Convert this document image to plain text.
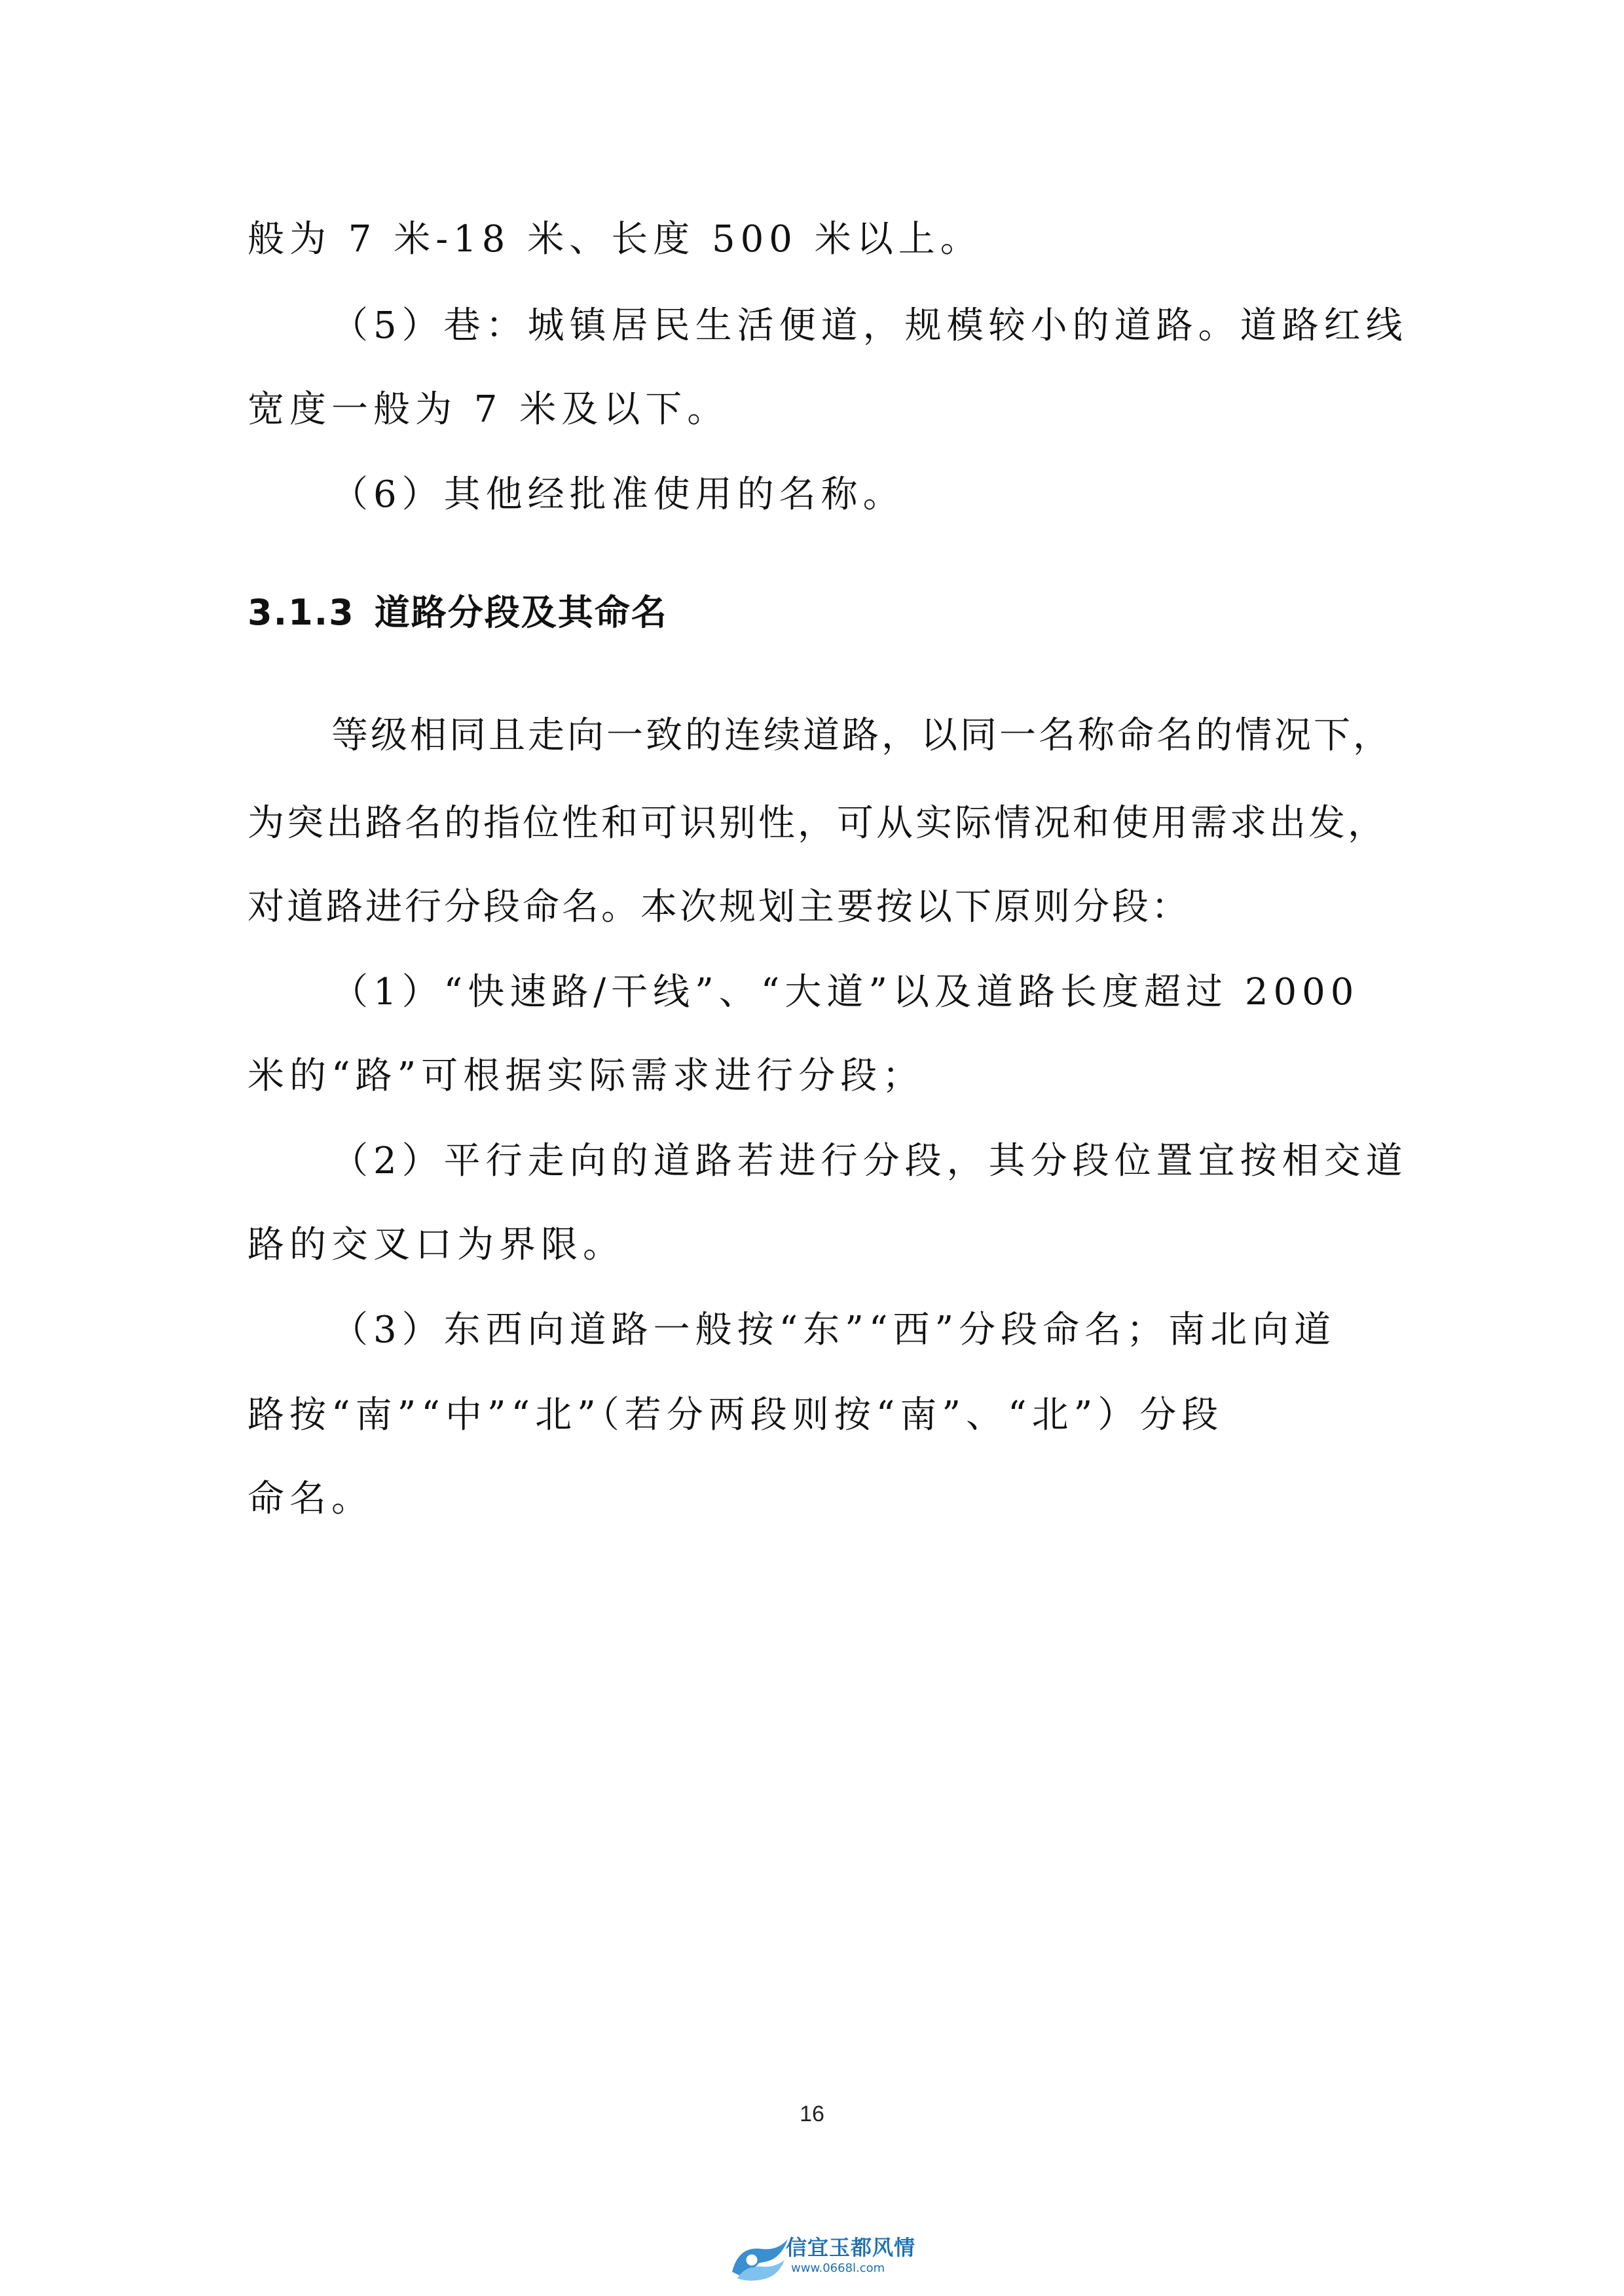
般为 7 米-18 米、长度 500 米以上。
（5）巷：城镇居民生活便道，规模较小的道路。道路红线
宽度一般为 7 米及以下。
（6）其他经批准使用的名称。
3.1.3 道路分段及其命名
等级相同且走向一致的连续道路，以同一名称命名的情况下，
为突出路名的指位性和可识别性，可从实际情况和使用需求出发，
对道路进行分段命名。本次规划主要按以下原则分段：
（1）“快速路/干线”、“大道”以及道路长度超过 2000
米的“路”可根据实际需求进行分段；
（2）平行走向的道路若进行分段，其分段位置宜按相交道
路的交叉口为界限。
（3）东西向道路一般按“东”“西”分段命名；南北向道
路按“南”“中”“北”（若分两段则按“南”、“北”）分段
命名。
16
信宜玉都风情
www.0668l.com
